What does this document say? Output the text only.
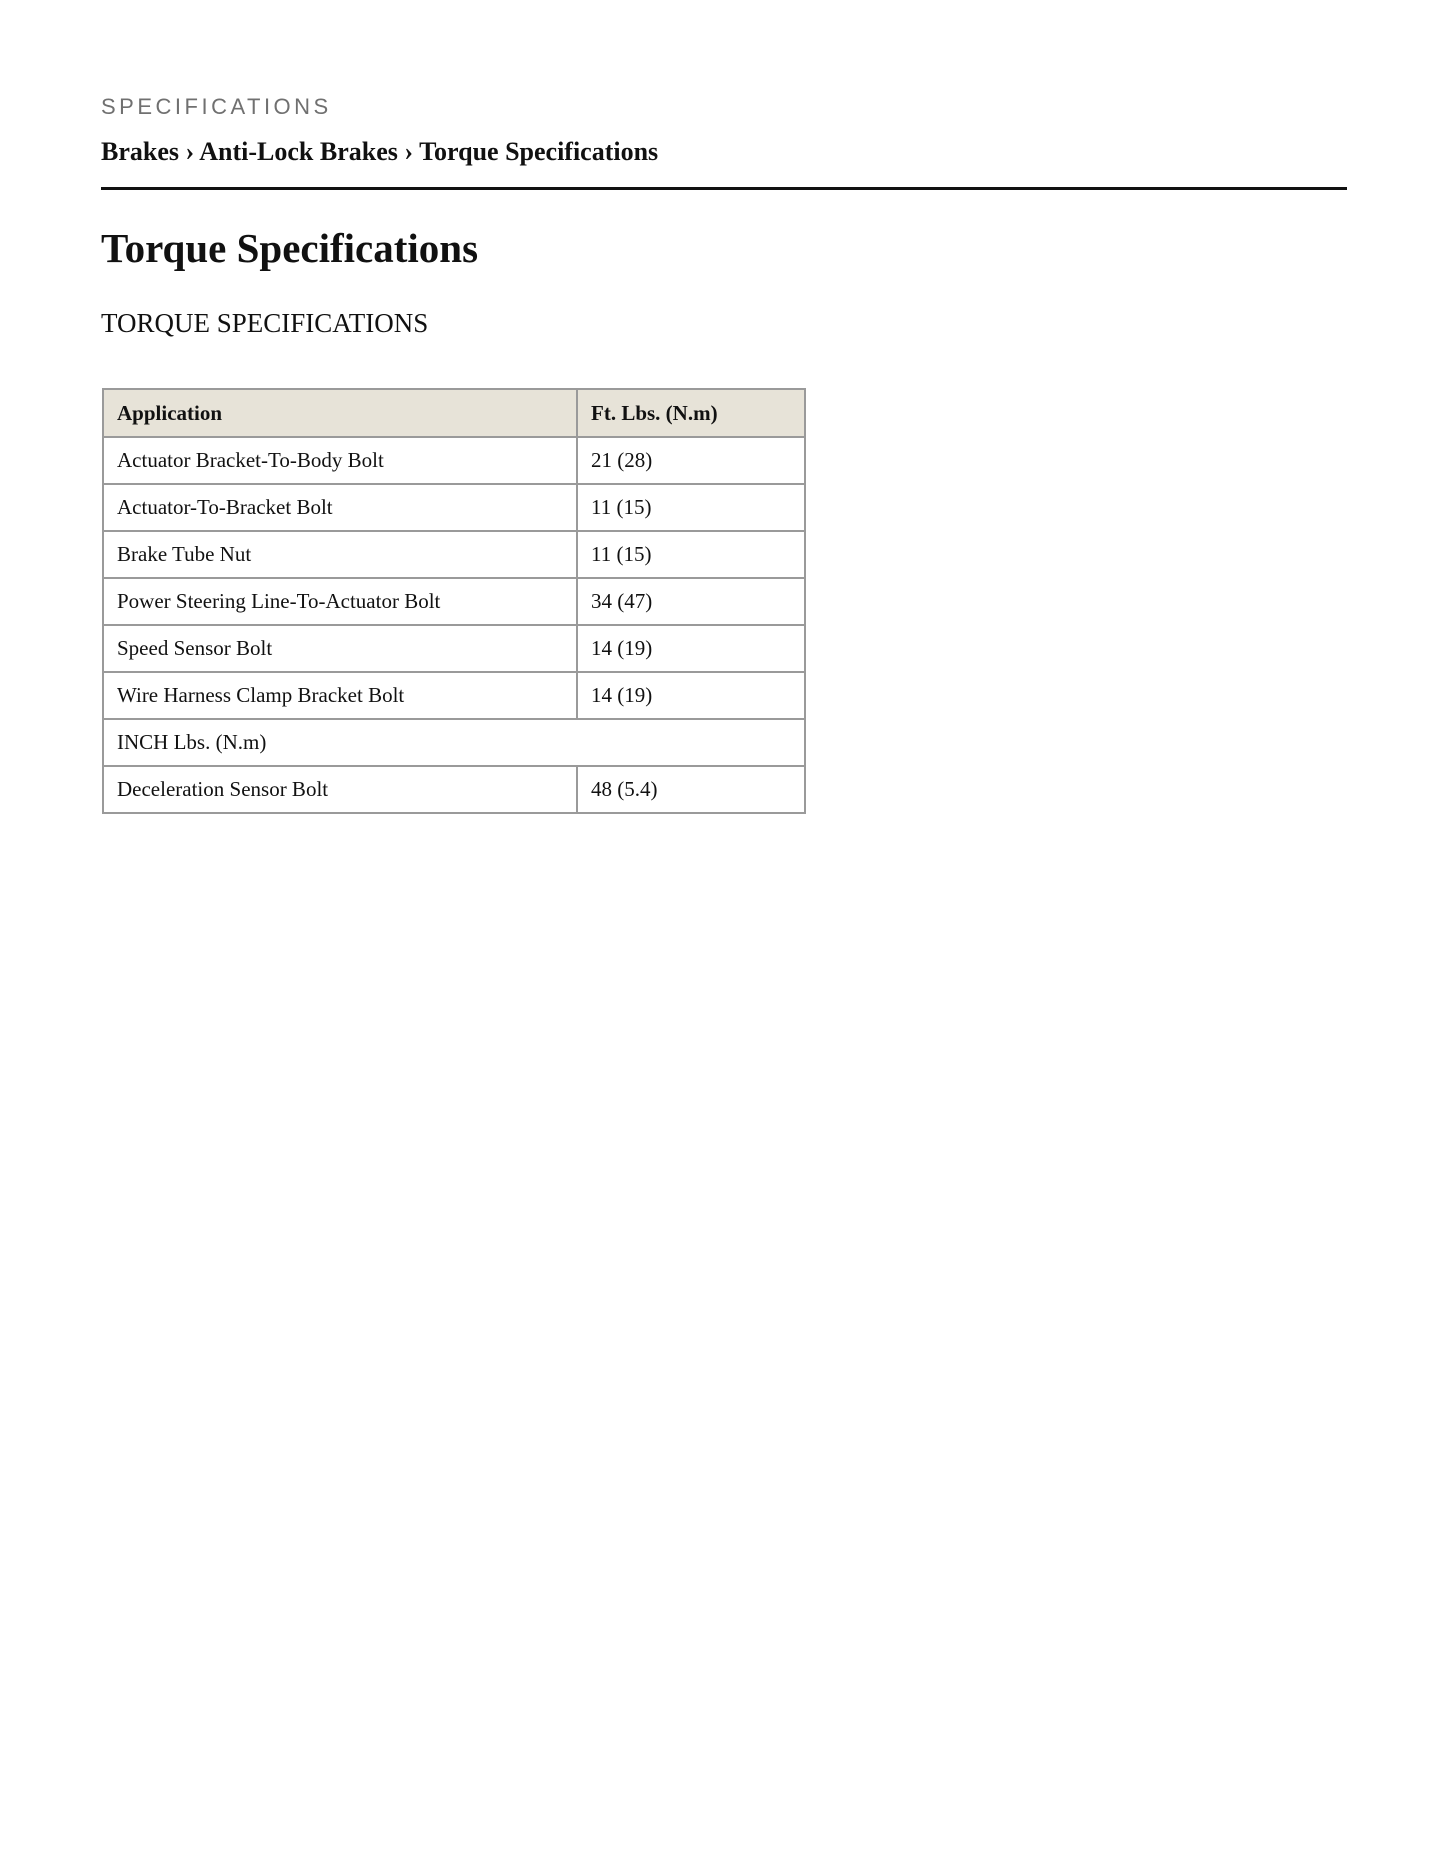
SPECIFICATIONS
Brakes › Anti-Lock Brakes › Torque Specifications
Torque Specifications
TORQUE SPECIFICATIONS
Application	Ft. Lbs. (N.m)
Actuator Bracket-To-Body Bolt	21 (28)
Actuator-To-Bracket Bolt	11 (15)
Brake Tube Nut	11 (15)
Power Steering Line-To-Actuator Bolt	34 (47)
Speed Sensor Bolt	14 (19)
Wire Harness Clamp Bracket Bolt	14 (19)
INCH Lbs. (N.m)	
Deceleration Sensor Bolt	48 (5.4)
